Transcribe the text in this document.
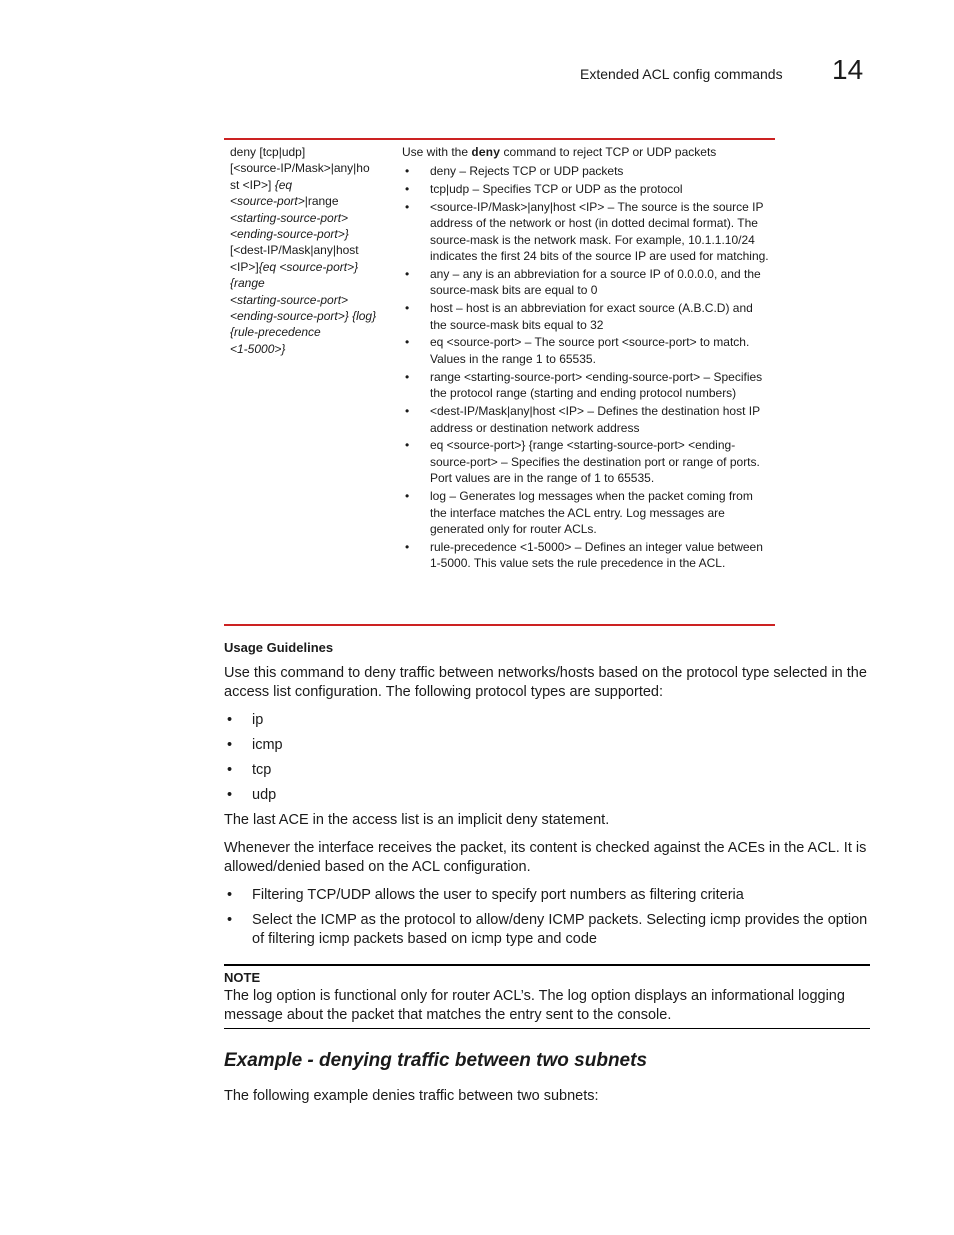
Extended ACL config commands 14
deny [tcp|udp]
[<source-IP/Mask>|any|ho
st <IP>] {eq
<source-port>|range
<starting-source-port>
<ending-source-port>}
[<dest-IP/Mask|any|host
<IP>]{eq <source-port>}
{range
<starting-source-port>
<ending-source-port>} {log}
{rule-precedence
<1-5000>}
Use with the deny command to reject TCP or UDP packets
• deny – Rejects TCP or UDP packets
• tcp|udp – Specifies TCP or UDP as the protocol
• <source-IP/Mask>|any|host <IP> – The source is the source IP address of the network or host (in dotted decimal format). The source-mask is the network mask. For example, 10.1.1.10/24 indicates the first 24 bits of the source IP are used for matching.
• any – any is an abbreviation for a source IP of 0.0.0.0, and the source-mask bits are equal to 0
• host – host is an abbreviation for exact source (A.B.C.D) and the source-mask bits equal to 32
• eq <source-port> – The source port <source-port> to match. Values in the range 1 to 65535.
• range <starting-source-port> <ending-source-port> – Specifies the protocol range (starting and ending protocol numbers)
• <dest-IP/Mask|any|host <IP> – Defines the destination host IP address or destination network address
• eq <source-port>} {range <starting-source-port> <ending-source-port> – Specifies the destination port or range of ports. Port values are in the range of 1 to 65535.
• log – Generates log messages when the packet coming from the interface matches the ACL entry. Log messages are generated only for router ACLs.
• rule-precedence <1-5000> – Defines an integer value between 1-5000. This value sets the rule precedence in the ACL.
Usage Guidelines
Use this command to deny traffic between networks/hosts based on the protocol type selected in the access list configuration. The following protocol types are supported:
• ip
• icmp
• tcp
• udp
The last ACE in the access list is an implicit deny statement.
Whenever the interface receives the packet, its content is checked against the ACEs in the ACL. It is allowed/denied based on the ACL configuration.
• Filtering TCP/UDP allows the user to specify port numbers as filtering criteria
• Select the ICMP as the protocol to allow/deny ICMP packets. Selecting icmp provides the option of filtering icmp packets based on icmp type and code
NOTE
The log option is functional only for router ACL’s. The log option displays an informational logging message about the packet that matches the entry sent to the console.
Example - denying traffic between two subnets
The following example denies traffic between two subnets:
